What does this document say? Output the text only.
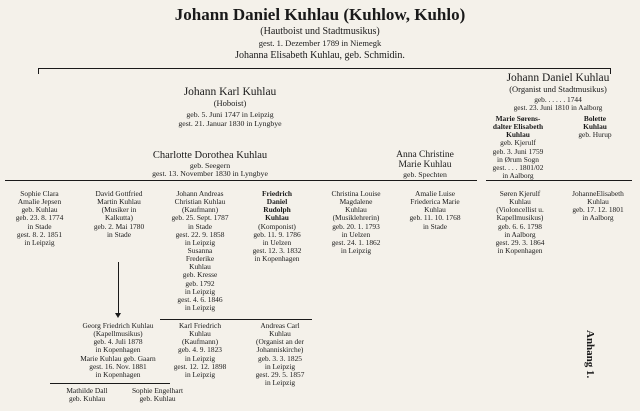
Johann Daniel Kuhlau (Kuhlow, Kuhlo)
(Hautboist und Stadtmusikus)
gest. 1. Dezember 1789 in Niemegk
Johanna Elisabeth Kuhlau, geb. Schmidin.
Johann Karl Kuhlau
(Hoboist)
geb. 5. Juni 1747 in Leipzig
gest. 21. Januar 1830 in Lyngbye
Charlotte Dorothea Kuhlau
geb. Seegern
gest. 13. November 1830 in Lyngbye
Anna Christine
Marie Kuhlau
geb. Spechten
Johann Daniel Kuhlau
(Organist und Stadtmusikus)
geb. . . . . . 1744
gest. 23. Juni 1810 in Aalborg
Marie Sørens-
dalter Elisabeth
Kuhlau
geb. Kjerulf
geb. 3. Juni 1759
in Ørum Sogn
gest. . . . 1801/02
in Aalborg
Bolette
Kuhlau
geb. Hurup
Sophie Clara
Amalie Jepsen
geb. Kuhlau
geb. 23. 8. 1774
in Stade
gest. 8. 2. 1851
in Leipzig
David Gottfried
Martin Kuhlau
(Musiker in
Kalkutta)
geb. 2. Mai 1780
in Stade
Johann Andreas
Christian Kuhlau
(Kaufmann)
geb. 25. Sept. 1787
in Stade
gest. 22. 9. 1858
in Leipzig
Susanna
Frederike
Kuhlau
geb. Kresse
geb. 1792
in Leipzig
gest. 4. 6. 1846
in Leipzig
Friedrich
Daniel
Rudolph
Kuhlau
(Komponist)
geb. 11. 9. 1786
in Uelzen
gest. 12. 3. 1832
in Kopenhagen
Christina Louise
Magdalene
Kuhlau
(Musiklehrerin)
geb. 20. 1. 1793
in Uelzen
gest. 24. 1. 1862
in Leipzig
Amalie Luise
Friederica Marie
Kuhlau
geb. 11. 10. 1768
in Stade
Søren Kjerulf
Kuhlau
(Violoncellist u.
Kapellmusikus)
geb. 6. 6. 1798
in Aalborg
gest. 29. 3. 1864
in Kopenhagen
JohanneElisabeth
Kuhlau
geb. 17. 12. 1801
in Aalborg
Georg Friedrich Kuhlau
(Kapellmusikus)
geb. 4. Juli 1878
in Kopenhagen
Marie Kuhlau geb. Gaarn
gest. 16. Nov. 1881
in Kopenhagen
Karl Friedrich
Kuhlau
(Kaufmann)
geb. 4. 9. 1823
in Leipzig
gest. 12. 12. 1898
in Leipzig
Andreas Carl
Kuhlau
(Organist an der
Johanniskirche)
geb. 3. 3. 1825
in Leipzig
gest. 29. 5. 1857
in Leipzig
Mathilde Dall
geb. Kuhlau
Sophie Engelhart
geb. Kuhlau
Anhang 1.
